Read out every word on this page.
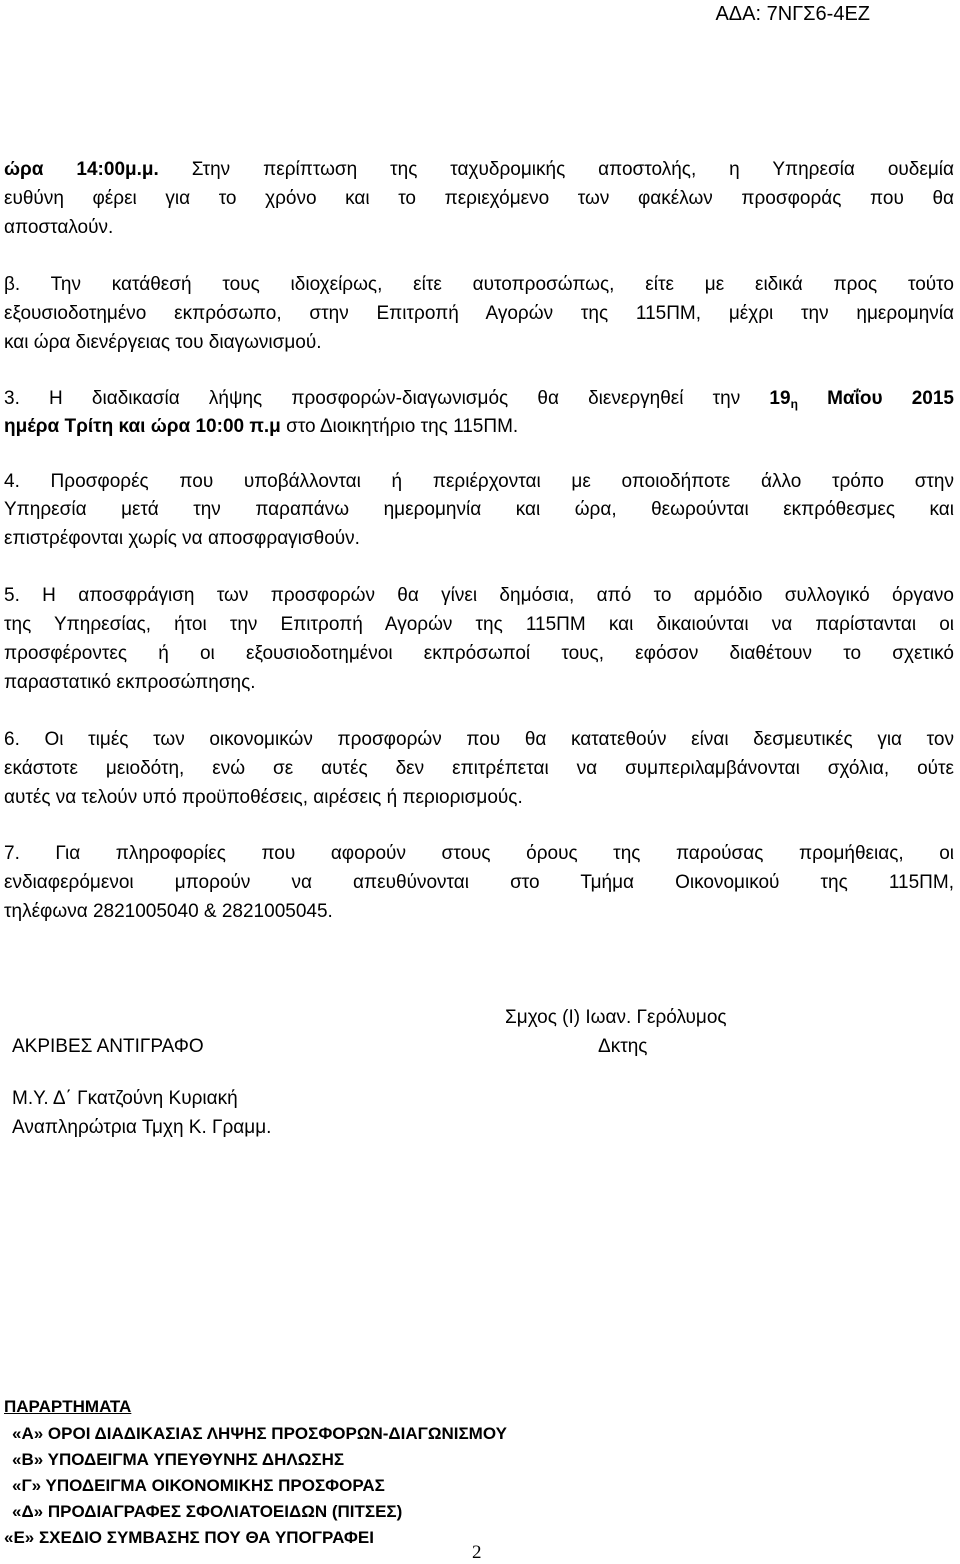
ΑΔΑ: 7ΝΓΣ6-4ΕΖ
ώρα 14:00μ.μ. Στην περίπτωση της ταχυδρομικής αποστολής, η Υπηρεσία ουδεμία
ευθύνη φέρει για το χρόνο και το περιεχόμενο των φακέλων προσφοράς που θα
αποσταλούν.
β. Την κατάθεσή τους ιδιοχείρως, είτε αυτοπροσώπως, είτε με ειδικά προς τούτο
εξουσιοδοτημένο εκπρόσωπο, στην Επιτροπή Αγορών της 115ΠΜ, μέχρι την ημερομηνία
και ώρα διενέργειας του διαγωνισμού.
3. Η διαδικασία λήψης προσφορών-διαγωνισμός θα διενεργηθεί την $19_\eta$ Μαΐου 2015
ημέρα Τρίτη και ώρα 10:00 π.μ στο Διοικητήριο της 115ΠΜ.
4. Προσφορές που υποβάλλονται ή περιέρχονται με οποιοδήποτε άλλο τρόπο στην
Υπηρεσία μετά την παραπάνω ημερομηνία και ώρα, θεωρούνται εκπρόθεσμες και
επιστρέφονται χωρίς να αποσφραγισθούν.
5. Η αποσφράγιση των προσφορών θα γίνει δημόσια, από το αρμόδιο συλλογικό όργανο
της Υπηρεσίας, ήτοι την Επιτροπή Αγορών της 115ΠΜ και δικαιούνται να παρίστανται οι
προσφέροντες ή οι εξουσιοδοτημένοι εκπρόσωποί τους, εφόσον διαθέτουν το σχετικό
παραστατικό εκπροσώπησης.
6. Οι τιμές των οικονομικών προσφορών που θα κατατεθούν είναι δεσμευτικές για τον
εκάστοτε μειοδότη, ενώ σε αυτές δεν επιτρέπεται να συμπεριλαμβάνονται σχόλια, ούτε
αυτές να τελούν υπό προϋποθέσεις, αιρέσεις ή περιορισμούς.
7. Για πληροφορίες που αφορούν στους όρους της παρούσας προμήθειας, οι
ενδιαφερόμενοι μπορούν να απευθύνονται στο Τμήμα Οικονομικού της 115ΠΜ,
τηλέφωνα 2821005040 & 2821005045.
Σμχος (Ι) Ιωαν. Γερόλυμος
Δκτης
ΑΚΡΙΒΕΣ ΑΝΤΙΓΡΑΦΟ
Μ.Υ. Δ΄ Γκατζούνη Κυριακή
Αναπληρώτρια Τμχη Κ. Γραμμ.
ΠΑΡΑΡΤΗΜΑΤΑ
«Α» ΟΡΟΙ ΔΙΑΔΙΚΑΣΙΑΣ ΛΗΨΗΣ ΠΡΟΣΦΟΡΩΝ-ΔΙΑΓΩΝΙΣΜΟΥ
«Β» ΥΠΟΔΕΙΓΜΑ ΥΠΕΥΘΥΝΗΣ ΔΗΛΩΣΗΣ
«Γ» ΥΠΟΔΕΙΓΜΑ ΟΙΚΟΝΟΜΙΚΗΣ ΠΡΟΣΦΟΡΑΣ
«Δ» ΠΡΟΔΙΑΓΡΑΦΕΣ ΣΦΟΛΙΑΤΟΕΙΔΩΝ (ΠΙΤΣΕΣ)
«Ε» ΣΧΕΔΙΟ ΣΥΜΒΑΣΗΣ ΠΟΥ ΘΑ ΥΠΟΓΡΑΦΕΙ
2
